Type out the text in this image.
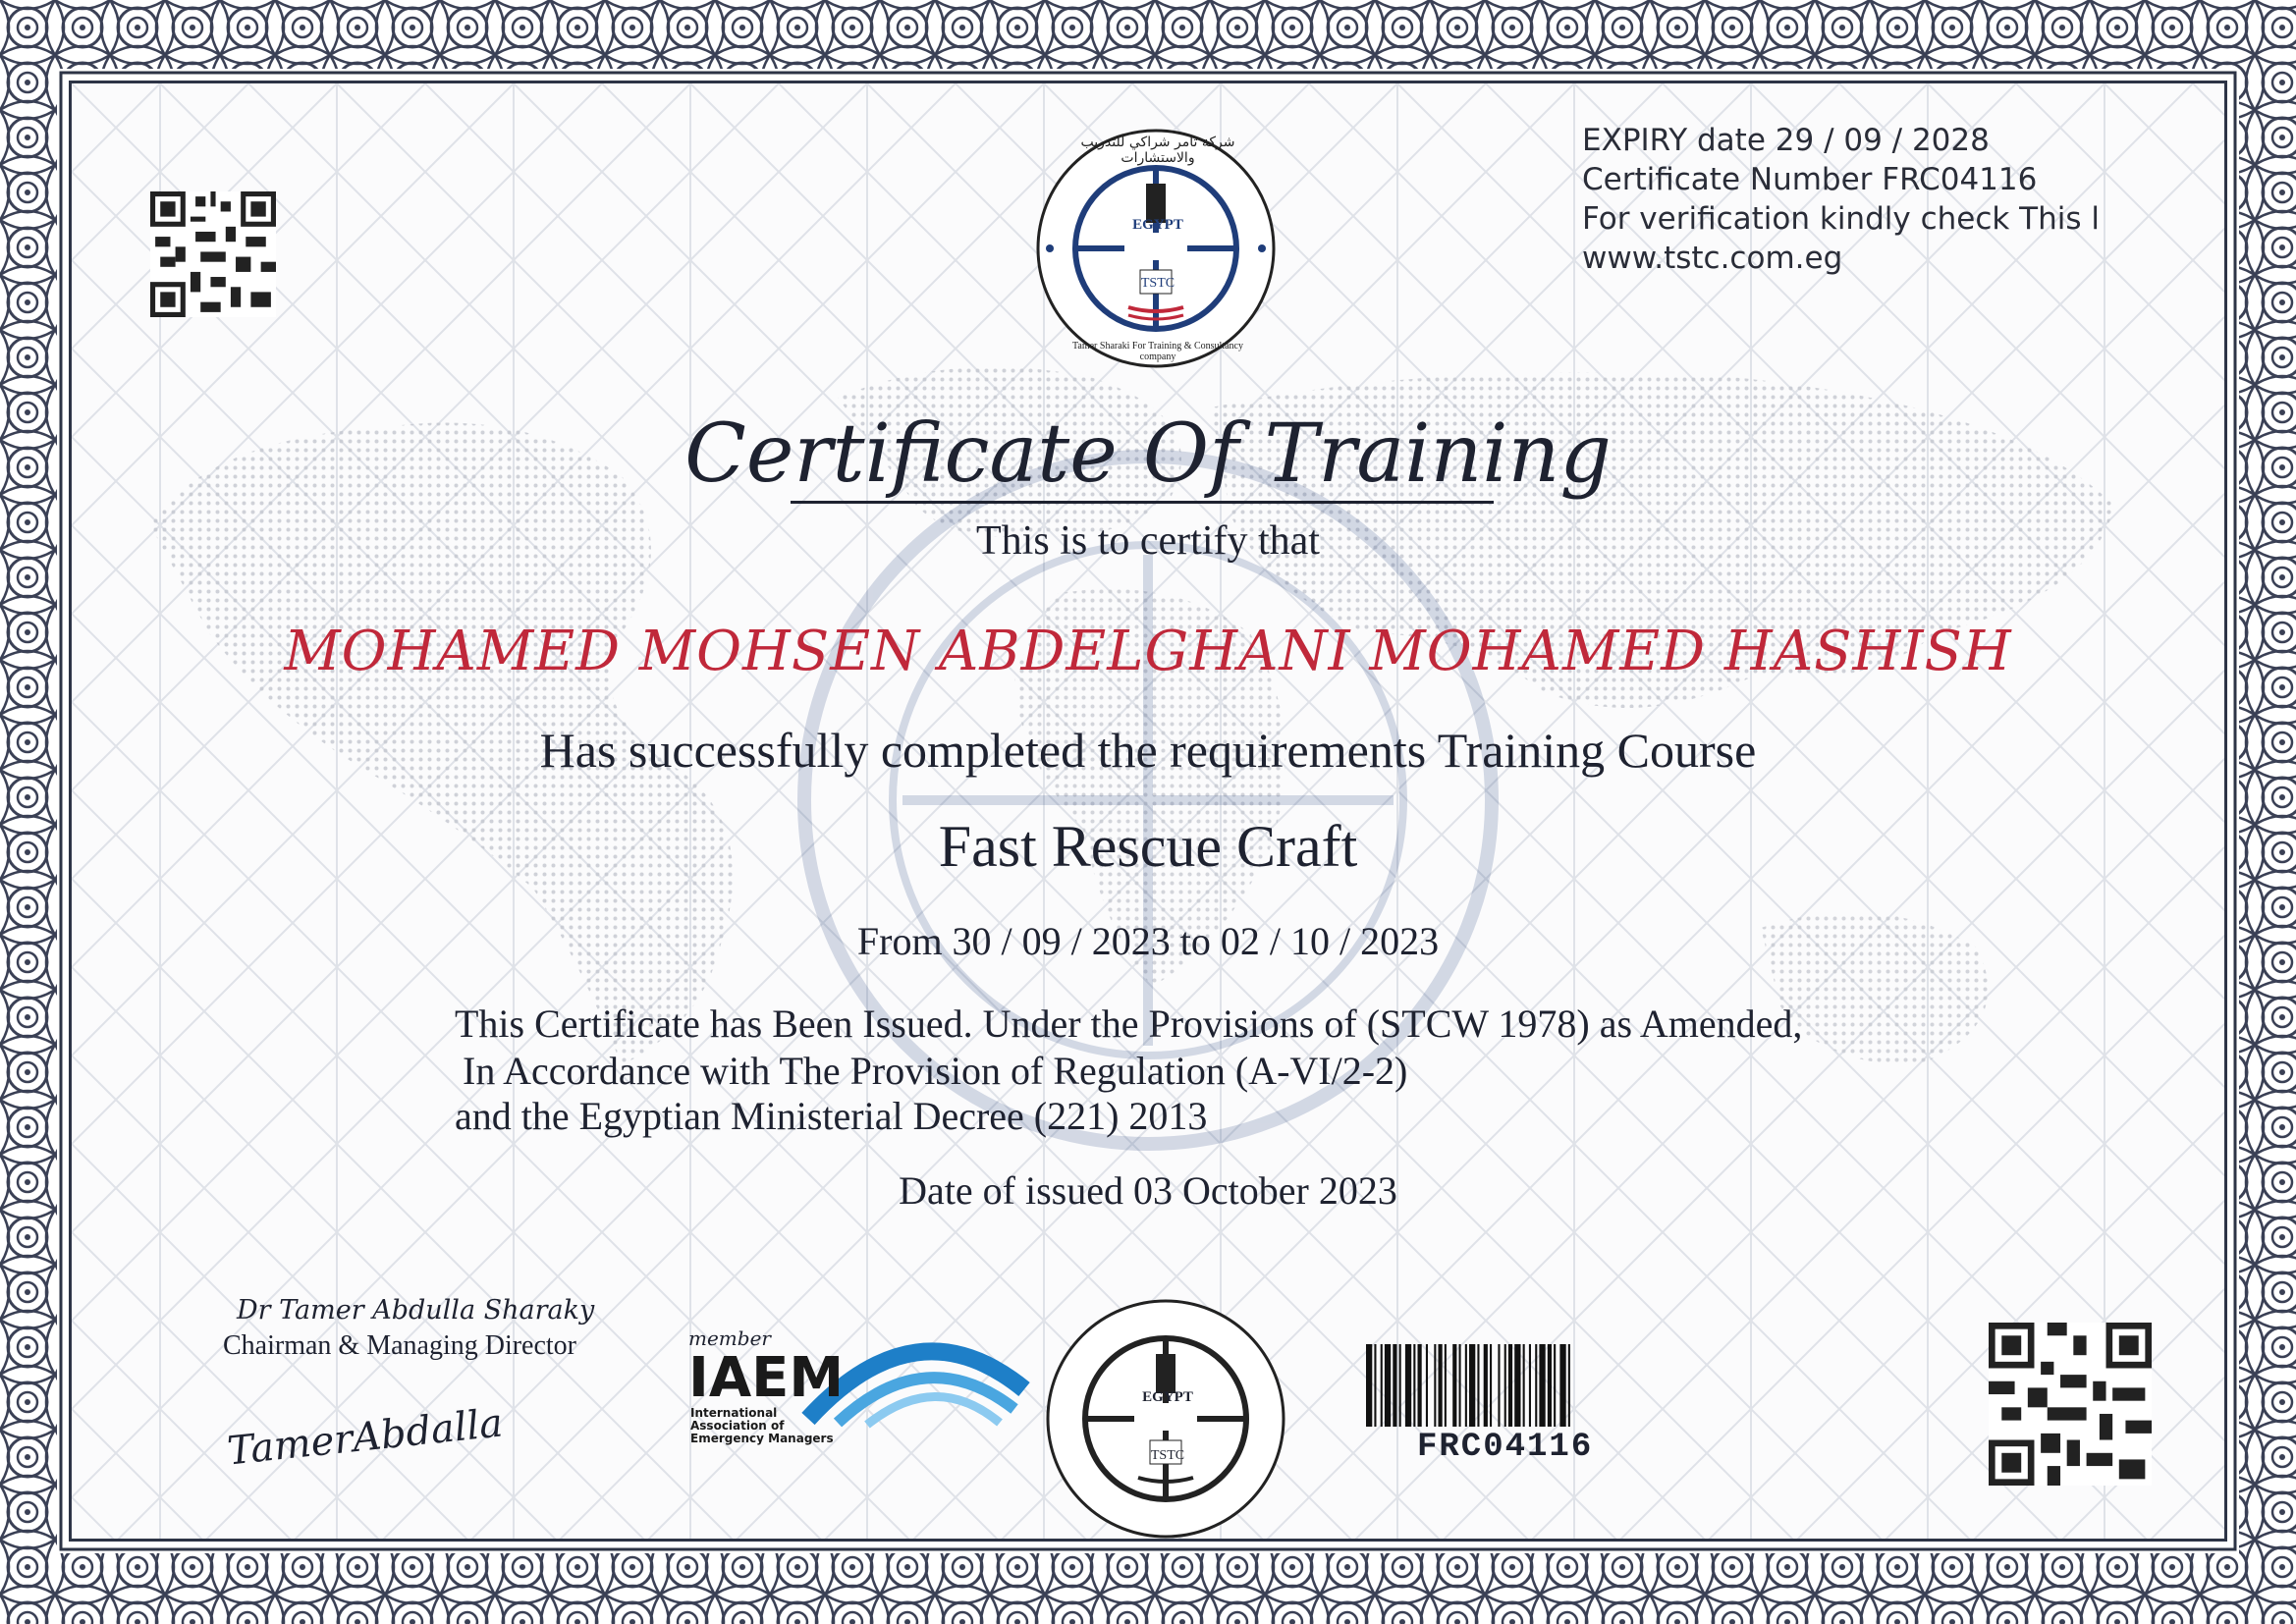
EGYPT
TSTC
شركة تامر شراكي للتدريب والاستشارات
Tamer Sharaki For Training & Consultancy company
EXPIRY date 29 / 09 / 2028
Certificate Number FRC04116
For verification kindly check This l
www.tstc.com.eg
Certificate Of Training
This is to certify that
MOHAMED MOHSEN ABDELGHANI MOHAMED HASHISH
Has successfully completed the requirements Training Course
Fast Rescue Craft
From 30 / 09 / 2023 to 02 / 10 / 2023
This Certificate has Been Issued. Under the Provisions of (STCW 1978) as Amended,
In Accordance with The Provision of Regulation (A-VI/2-2)
and the Egyptian Ministerial Decree (221) 2013
Date of issued 03 October 2023
Dr Tamer Abdulla Sharaky
Chairman & Managing Director
TamerAbdalla
member
IAEM
International
Association of
Emergency Managers
EGYPT
TSTC	FRC04116
